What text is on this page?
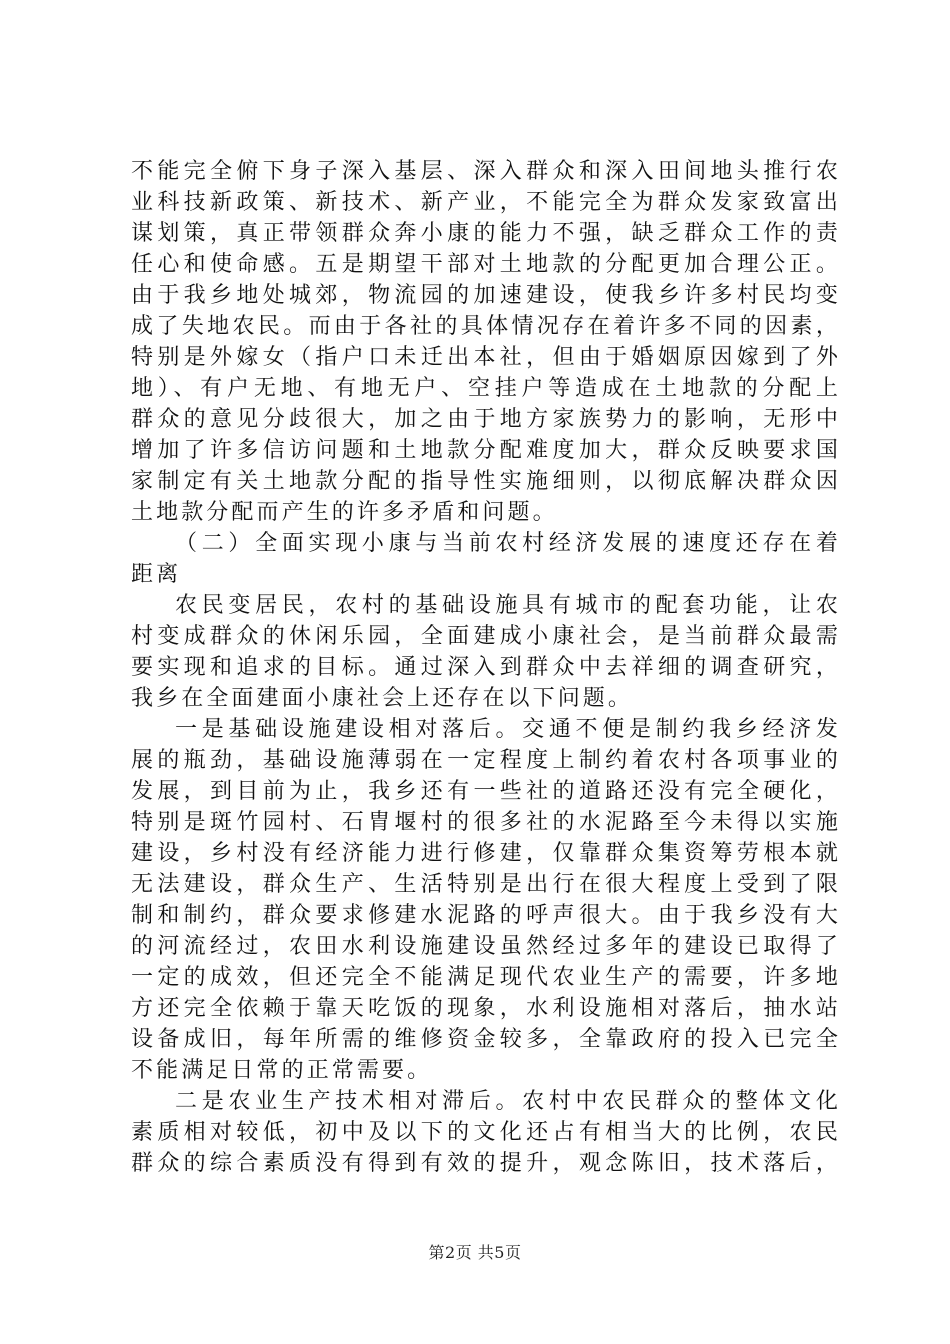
不能完全俯下身子深入基层、深入群众和深入田间地头推行农
业科技新政策、新技术、新产业，不能完全为群众发家致富出
谋划策，真正带领群众奔小康的能力不强，缺乏群众工作的责
任心和使命感。五是期望干部对土地款的分配更加合理公正。
由于我乡地处城郊，物流园的加速建设，使我乡许多村民均变
成了失地农民。而由于各社的具体情况存在着许多不同的因素，
特别是外嫁女（指户口未迁出本社，但由于婚姻原因嫁到了外
地）、有户无地、有地无户、空挂户等造成在土地款的分配上
群众的意见分歧很大，加之由于地方家族势力的影响，无形中
增加了许多信访问题和土地款分配难度加大，群众反映要求国
家制定有关土地款分配的指导性实施细则，以彻底解决群众因
土地款分配而产生的许多矛盾和问题。
（二）全面实现小康与当前农村经济发展的速度还存在着
距离
农民变居民，农村的基础设施具有城市的配套功能，让农
村变成群众的休闲乐园，全面建成小康社会，是当前群众最需
要实现和追求的目标。通过深入到群众中去祥细的调查研究，
我乡在全面建面小康社会上还存在以下问题。
一是基础设施建设相对落后。交通不便是制约我乡经济发
展的瓶劲，基础设施薄弱在一定程度上制约着农村各项事业的
发展，到目前为止，我乡还有一些社的道路还没有完全硬化，
特别是斑竹园村、石胄堰村的很多社的水泥路至今未得以实施
建设，乡村没有经济能力进行修建，仅靠群众集资筹劳根本就
无法建设，群众生产、生活特别是出行在很大程度上受到了限
制和制约，群众要求修建水泥路的呼声很大。由于我乡没有大
的河流经过，农田水利设施建设虽然经过多年的建设已取得了
一定的成效，但还完全不能满足现代农业生产的需要，许多地
方还完全依赖于靠天吃饭的现象，水利设施相对落后，抽水站
设备成旧，每年所需的维修资金较多，全靠政府的投入已完全
不能满足日常的正常需要。
二是农业生产技术相对滞后。农村中农民群众的整体文化
素质相对较低，初中及以下的文化还占有相当大的比例，农民
群众的综合素质没有得到有效的提升，观念陈旧，技术落后，
第2页 共5页
